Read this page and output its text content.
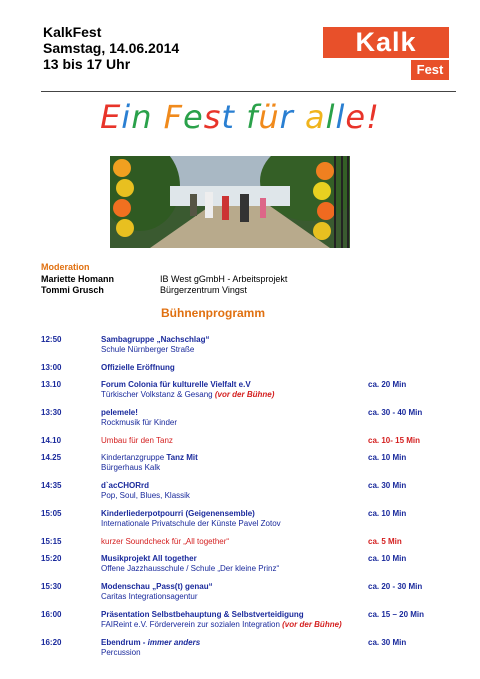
KalkFest
Samstag, 14.06.2014
13 bis 17 Uhr
Kalk
Fest
Ein Fest für alle!
Moderation
Mariette Homann	IB West gGmbH - Arbeitsprojekt
Tommi Grusch	Bürgerzentrum Vingst
Bühnenprogramm
12:50	Sambagruppe „Nachschlag“
Schule Nürnberger Straße
13:00	Offizielle Eröffnung
13.10	Forum Colonia für kulturelle Vielfalt e.V
Türkischer Volkstanz & Gesang (vor der Bühne)
ca. 20 Min
13:30	pelemele!
Rockmusik für Kinder
ca. 30 - 40 Min
14.10	Umbau für den Tanz	ca. 10- 15 Min
14.25	Kindertanzgruppe Tanz Mit
Bürgerhaus Kalk
ca. 10 Min
14:35	d`acCHORrd
Pop, Soul, Blues, Klassik
ca. 30 Min
15:05	Kinderliederpotpourri (Geigenensemble)
Internationale Privatschule der Künste Pavel Zotov
ca. 10 Min
15:15	kurzer Soundcheck für „All together“	ca. 5 Min
15:20	Musikprojekt All together
Offene Jazzhausschule / Schule „Der kleine Prinz“
ca. 10 Min
15:30	Modenschau „Pass(t) genau“
Caritas Integrationsagentur
ca. 20 - 30 Min
16:00	Präsentation Selbstbehauptung & Selbstverteidigung
FAIReint e.V. Förderverein zur sozialen Integration (vor der Bühne)
ca. 15 – 20 Min
16:20	Ebendrum - immer anders
Percussion
ca. 30 Min
